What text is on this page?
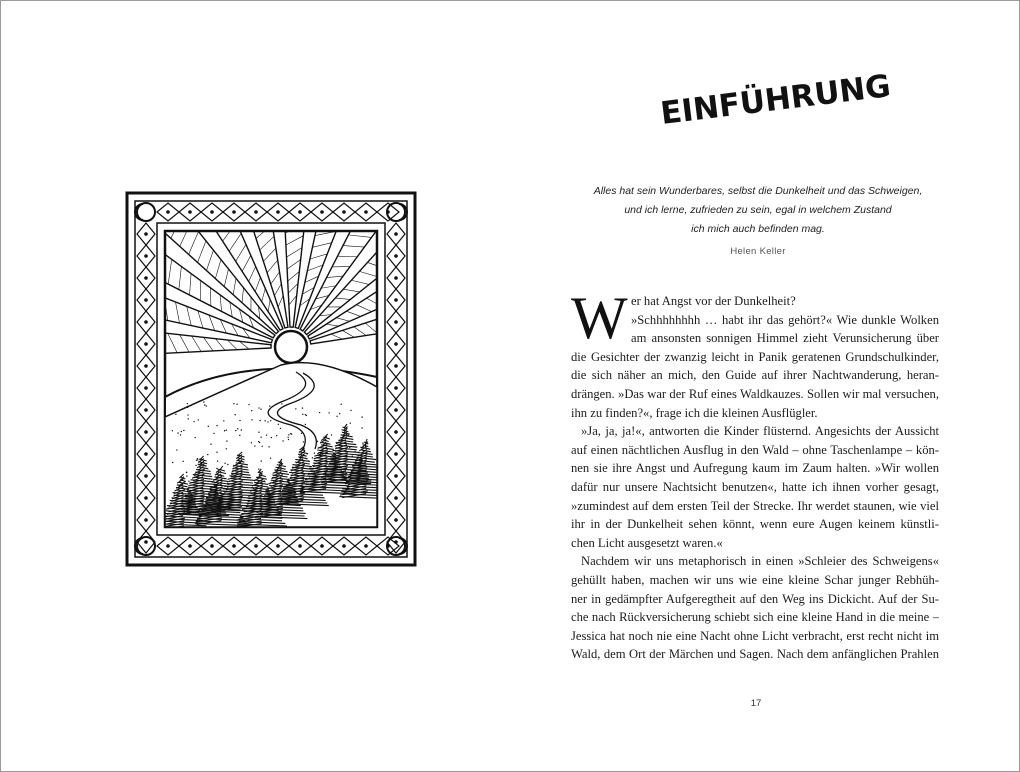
EINFÜHRUNG
Alles hat sein Wunderbares, selbst die Dunkelheit und das Schweigen,
und ich lerne, zufrieden zu sein, egal in welchem Zustand
ich mich auch befinden mag.
Helen Keller
W er hat Angst vor der Dunkelheit?
»Schhhhhhhh … habt ihr das gehört?« Wie dunkle Wolken
am ansonsten sonnigen Himmel zieht Verunsicherung über
die Gesichter der zwanzig leicht in Panik geratenen Grundschulkinder,
die sich näher an mich, den Guide auf ihrer Nachtwanderung, heran-
drängen. »Das war der Ruf eines Waldkauzes. Sollen wir mal versuchen,
ihn zu finden?«, frage ich die kleinen Ausflügler.
»Ja, ja, ja!«, antworten die Kinder flüsternd. Angesichts der Aussicht
auf einen nächtlichen Ausflug in den Wald – ohne Taschenlampe – kön-
nen sie ihre Angst und Aufregung kaum im Zaum halten. »Wir wollen
dafür nur unsere Nachtsicht benutzen«, hatte ich ihnen vorher gesagt,
»zumindest auf dem ersten Teil der Strecke. Ihr werdet staunen, wie viel
ihr in der Dunkelheit sehen könnt, wenn eure Augen keinem künstli-
chen Licht ausgesetzt waren.«
Nachdem wir uns metaphorisch in einen »Schleier des Schweigens«
gehüllt haben, machen wir uns wie eine kleine Schar junger Rebhüh-
ner in gedämpfter Aufgeregtheit auf den Weg ins Dickicht. Auf der Su-
che nach Rückversicherung schiebt sich eine kleine Hand in die meine –
Jessica hat noch nie eine Nacht ohne Licht verbracht, erst recht nicht im
Wald, dem Ort der Märchen und Sagen. Nach dem anfänglichen Prahlen
17
